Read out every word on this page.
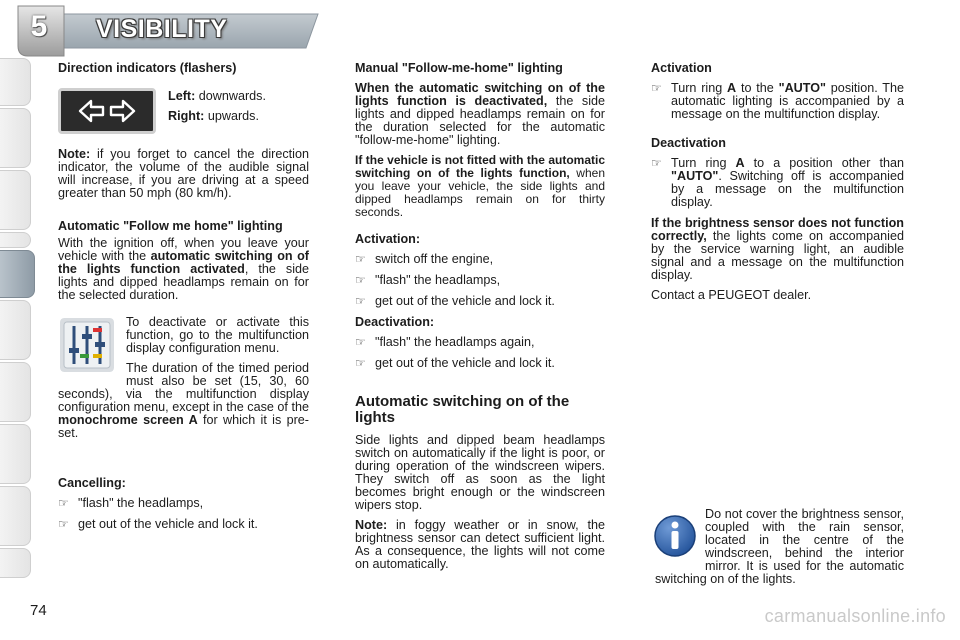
5 VISIBILITY
Direction indicators (flashers)

Left: downwards.

Right: upwards.

Note: if you forget to cancel the direction indicator, the volume of the audible signal will increase, if you are driving at a speed greater than 50 mph (80 km/h).

Automatic "Follow me home" lighting

With the ignition off, when you leave your vehicle with the automatic switching on of the lights function activated, the side lights and dipped headlamps remain on for the selected duration.

To deactivate or activate this function, go to the multifunction display configuration menu.

The duration of the timed period must also be set (15, 30, 60 seconds), via the multifunction display configuration menu, except in the case of the monochrome screen A for which it is pre-set.

Cancelling:
☞ "flash" the headlamps,
☞ get out of the vehicle and lock it.
Manual "Follow-me-home" lighting

When the automatic switching on of the lights function is deactivated, the side lights and dipped headlamps remain on for the duration selected for the automatic "follow-me-home" lighting.

If the vehicle is not fitted with the automatic switching on of the lights function, when you leave your vehicle, the side lights and dipped headlamps remain on for thirty seconds.

Activation:
☞ switch off the engine,
☞ "flash" the headlamps,
☞ get out of the vehicle and lock it.
Deactivation:
☞ "flash" the headlamps again,
☞ get out of the vehicle and lock it.
Automatic switching on of the lights

Side lights and dipped beam headlamps switch on automatically if the light is poor, or during operation of the windscreen wipers. They switch off as soon as the light becomes bright enough or the windscreen wipers stop.

Note: in foggy weather or in snow, the brightness sensor can detect sufficient light. As a consequence, the lights will not come on automatically.

Activation
☞ Turn ring A to the "AUTO" position. The automatic lighting is accompanied by a message on the multifunction display.
Deactivation
☞ Turn ring A to a position other than "AUTO". Switching off is accompanied by a message on the multifunction display.

If the brightness sensor does not function correctly, the lights come on accompanied by the service warning light, an audible signal and a message on the multifunction display.

Contact a PEUGEOT dealer.

Do not cover the brightness sensor, coupled with the rain sensor, located in the centre of the windscreen, behind the interior mirror. It is used for the automatic switching on of the lights.

74	carmanualsonline.info
